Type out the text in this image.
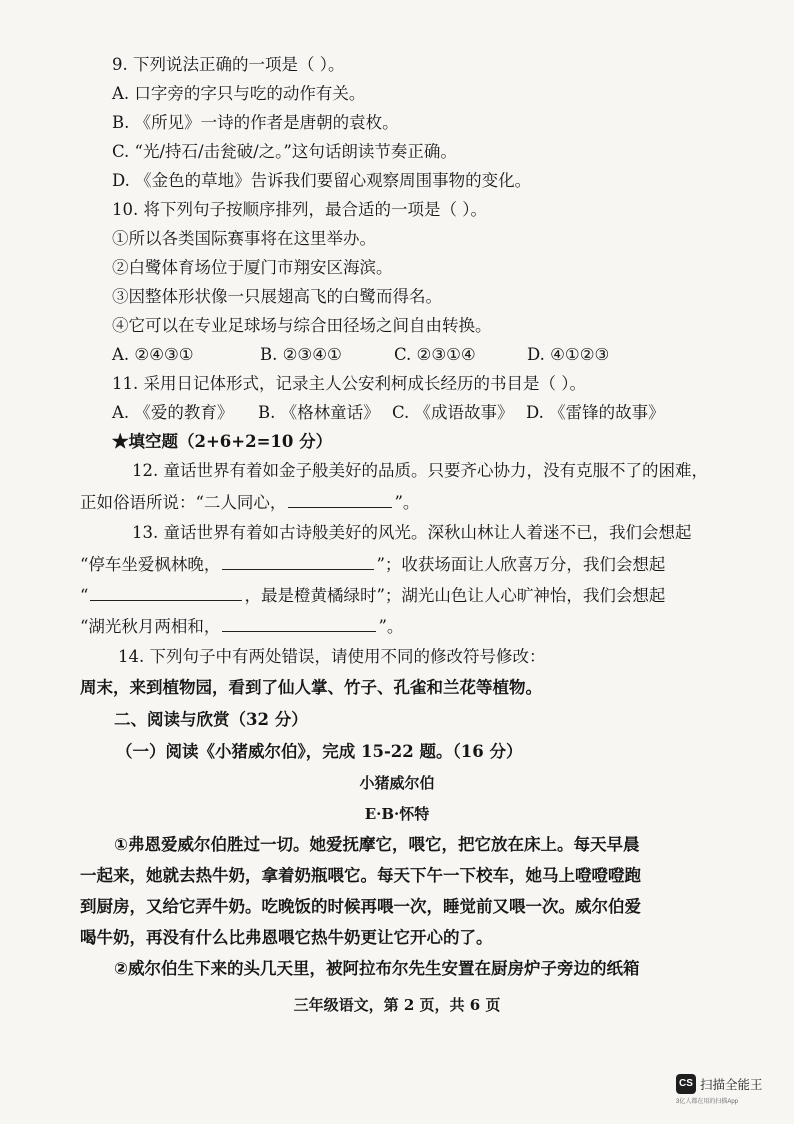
9. 下列说法正确的一项是（ ）。
A. 口字旁的字只与吃的动作有关。
B. 《所见》一诗的作者是唐朝的袁枚。
C. “光/持石/击瓮破/之。”这句话朗读节奏正确。
D. 《金色的草地》告诉我们要留心观察周围事物的变化。
10. 将下列句子按顺序排列，最合适的一项是（ ）。
①所以各类国际赛事将在这里举办。
②白鹭体育场位于厦门市翔安区海滨。
③因整体形状像一只展翅高飞的白鹭而得名。
④它可以在专业足球场与综合田径场之间自由转换。
A. ②④③①	B. ②③④①	C. ②③①④	D. ④①②③
11. 采用日记体形式，记录主人公安利柯成长经历的书目是（ ）。
A. 《爱的教育》 B. 《格林童话》 C. 《成语故事》 D. 《雷锋的故事》
★填空题（2+6+2=10 分）
12. 童话世界有着如金子般美好的品质。只要齐心协力，没有克服不了的困难，
正如俗语所说：“二人同心，	”。
13. 童话世界有着如古诗般美好的风光。深秋山林让人着迷不已，我们会想起
“停车坐爱枫林晚，	”；收获场面让人欣喜万分，我们会想起
“	，最是橙黄橘绿时”；湖光山色让人心旷神怡，我们会想起
“湖光秋月两相和，	”。
14. 下列句子中有两处错误，请使用不同的修改符号修改：
周末，来到植物园，看到了仙人掌、竹子、孔雀和兰花等植物。
二、阅读与欣赏（32 分）
（一）阅读《小猪威尔伯》，完成 15-22 题。（16 分）
小猪威尔伯
E·B·怀特
①弗恩爱威尔伯胜过一切。她爱抚摩它，喂它，把它放在床上。每天早晨
一起来，她就去热牛奶，拿着奶瓶喂它。每天下午一下校车，她马上噔噔噔跑
到厨房，又给它弄牛奶。吃晚饭的时候再喂一次，睡觉前又喂一次。威尔伯爱
喝牛奶，再没有什么比弗恩喂它热牛奶更让它开心的了。
②威尔伯生下来的头几天里，被阿拉布尔先生安置在厨房炉子旁边的纸箱
三年级语文，第 2 页，共 6 页
CS 扫描全能王
3亿人都在用的扫描App
